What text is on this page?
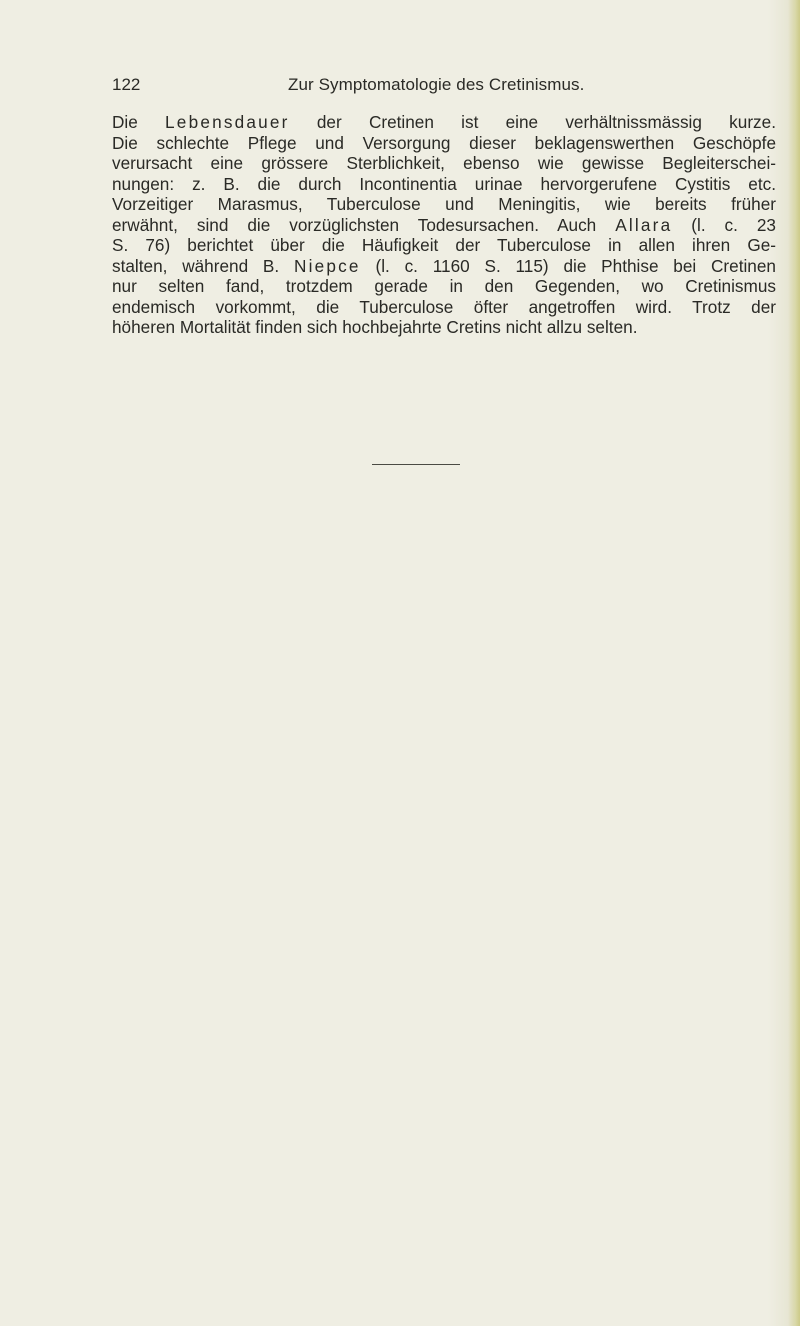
122	Zur Symptomatologie des Cretinismus.

Die Lebensdauer der Cretinen ist eine verhältnissmässig kurze.
Die schlechte Pflege und Versorgung dieser beklagenswerthen Geschöpfe
verursacht eine grössere Sterblichkeit, ebenso wie gewisse Begleiterschei-
nungen: z. B. die durch Incontinentia urinae hervorgerufene Cystitis etc.
Vorzeitiger Marasmus, Tuberculose und Meningitis, wie bereits früher
erwähnt, sind die vorzüglichsten Todesursachen. Auch Allara (l. c. 23
S. 76) berichtet über die Häufigkeit der Tuberculose in allen ihren Ge-
stalten, während B. Niepce (l. c. 1160 S. 115) die Phthise bei Cretinen
nur selten fand, trotzdem gerade in den Gegenden, wo Cretinismus
endemisch vorkommt, die Tuberculose öfter angetroffen wird. Trotz der
höheren Mortalität finden sich hochbejahrte Cretins nicht allzu selten.
